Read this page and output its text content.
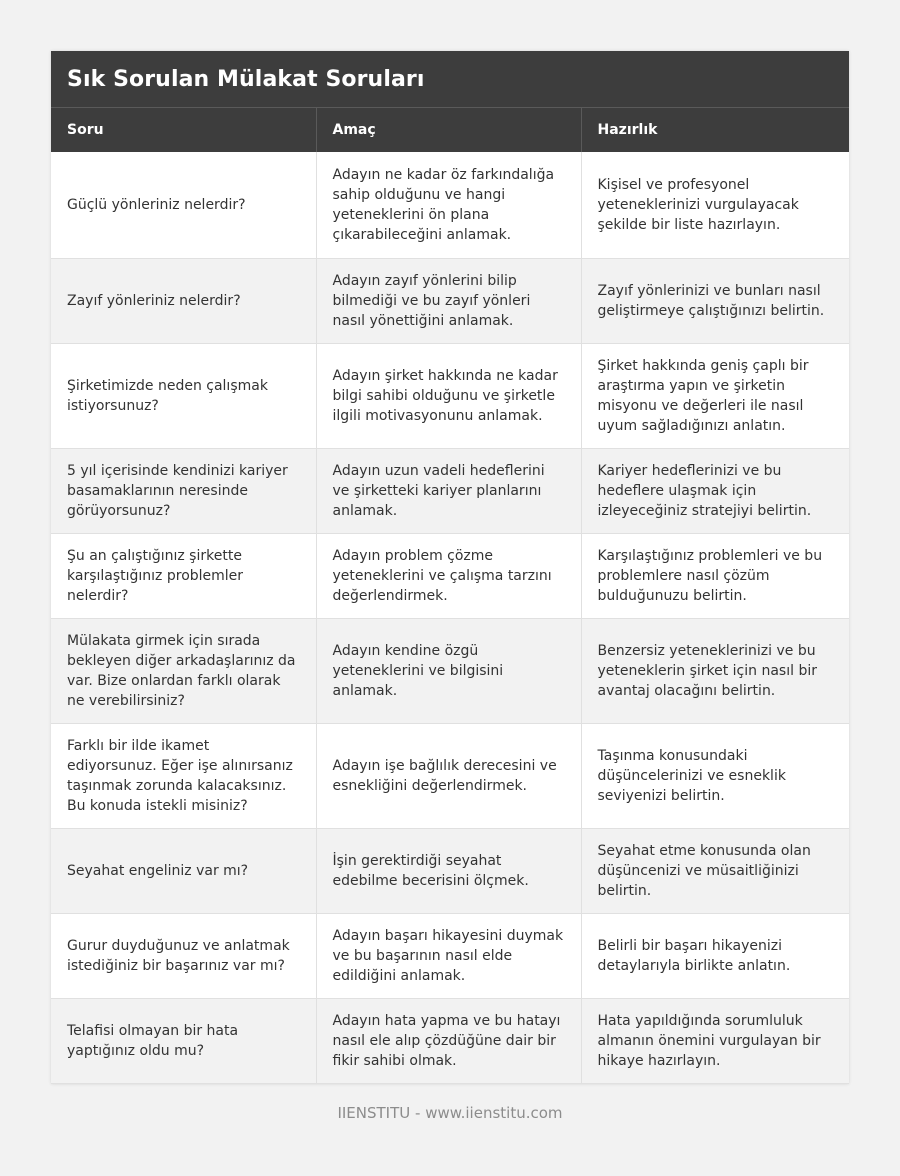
Sık Sorulan Mülakat Soruları
Soru	Amaç	Hazırlık
Güçlü yönleriniz nelerdir?	Adayın ne kadar öz farkındalığa sahip olduğunu ve hangi yeteneklerini ön plana çıkarabileceğini anlamak.	Kişisel ve profesyonel yeteneklerinizi vurgulayacak şekilde bir liste hazırlayın.
Zayıf yönleriniz nelerdir?	Adayın zayıf yönlerini bilip bilmediği ve bu zayıf yönleri nasıl yönettiğini anlamak.	Zayıf yönlerinizi ve bunları nasıl geliştirmeye çalıştığınızı belirtin.
Şirketimizde neden çalışmak istiyorsunuz?	Adayın şirket hakkında ne kadar bilgi sahibi olduğunu ve şirketle ilgili motivasyonunu anlamak.	Şirket hakkında geniş çaplı bir araştırma yapın ve şirketin misyonu ve değerleri ile nasıl uyum sağladığınızı anlatın.
5 yıl içerisinde kendinizi kariyer basamaklarının neresinde görüyorsunuz?	Adayın uzun vadeli hedeflerini ve şirketteki kariyer planlarını anlamak.	Kariyer hedeflerinizi ve bu hedeflere ulaşmak için izleyeceğiniz stratejiyi belirtin.
Şu an çalıştığınız şirkette karşılaştığınız problemler nelerdir?	Adayın problem çözme yeteneklerini ve çalışma tarzını değerlendirmek.	Karşılaştığınız problemleri ve bu problemlere nasıl çözüm bulduğunuzu belirtin.
Mülakata girmek için sırada bekleyen diğer arkadaşlarınız da var. Bize onlardan farklı olarak ne verebilirsiniz?	Adayın kendine özgü yeteneklerini ve bilgisini anlamak.	Benzersiz yeteneklerinizi ve bu yeteneklerin şirket için nasıl bir avantaj olacağını belirtin.
Farklı bir ilde ikamet ediyorsunuz. Eğer işe alınırsanız taşınmak zorunda kalacaksınız. Bu konuda istekli misiniz?	Adayın işe bağlılık derecesini ve esnekliğini değerlendirmek.	Taşınma konusundaki düşüncelerinizi ve esneklik seviyenizi belirtin.
Seyahat engeliniz var mı?	İşin gerektirdiği seyahat edebilme becerisini ölçmek.	Seyahat etme konusunda olan düşüncenizi ve müsaitliğinizi belirtin.
Gurur duyduğunuz ve anlatmak istediğiniz bir başarınız var mı?	Adayın başarı hikayesini duymak ve bu başarının nasıl elde edildiğini anlamak.	Belirli bir başarı hikayenizi detaylarıyla birlikte anlatın.
Telafisi olmayan bir hata yaptığınız oldu mu?	Adayın hata yapma ve bu hatayı nasıl ele alıp çözdüğüne dair bir fikir sahibi olmak.	Hata yapıldığında sorumluluk almanın önemini vurgulayan bir hikaye hazırlayın.
IIENSTITU - www.iienstitu.com
